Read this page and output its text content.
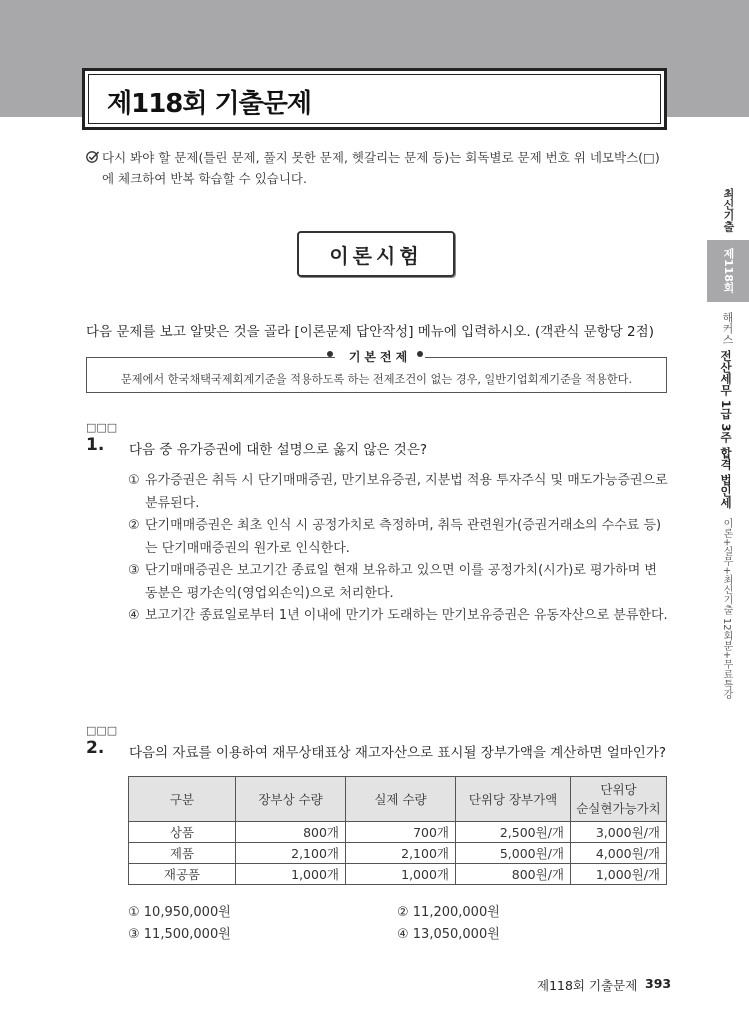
제118회 기출문제
다시 봐야 할 문제(틀린 문제, 풀지 못한 문제, 헷갈리는 문제 등)는 회독별로 문제 번호 위 네모박스(□)에 체크하여 반복 학습할 수 있습니다.
이론시험
다음 문제를 보고 알맞은 것을 골라 [이론문제 답안작성] 메뉴에 입력하시오. (객관식 문항당 2점)
기본전제
문제에서 한국채택국제회계기준을 적용하도록 하는 전제조건이 없는 경우, 일반기업회계기준을 적용한다.
□□□
1. 다음 중 유가증권에 대한 설명으로 옳지 않은 것은?
① 유가증권은 취득 시 단기매매증권, 만기보유증권, 지분법 적용 투자주식 및 매도가능증권으로 분류된다.
② 단기매매증권은 최초 인식 시 공정가치로 측정하며, 취득 관련원가(증권거래소의 수수료 등)는 단기매매증권의 원가로 인식한다.
③ 단기매매증권은 보고기간 종료일 현재 보유하고 있으면 이를 공정가치(시가)로 평가하며 변동분은 평가손익(영업외손익)으로 처리한다.
④ 보고기간 종료일로부터 1년 이내에 만기가 도래하는 만기보유증권은 유동자산으로 분류한다.
□□□
2. 다음의 자료를 이용하여 재무상태표상 재고자산으로 표시될 장부가액을 계산하면 얼마인가?
구분	장부상 수량	실제 수량	단위당 장부가액	단위당
순실현가능가치
상품	800개	700개	2,500원/개	3,000원/개
제품	2,100개	2,100개	5,000원/개	4,000원/개
재공품	1,000개	1,000개	800원/개	1,000원/개
① 10,950,000원	② 11,200,000원
③ 11,500,000원	④ 13,050,000원
최신기출
제118회
해커스
전산세무 1급 3주 합격 법인세
이론+실무+최신기출 12회분+무료특강
제118회 기출문제 393
